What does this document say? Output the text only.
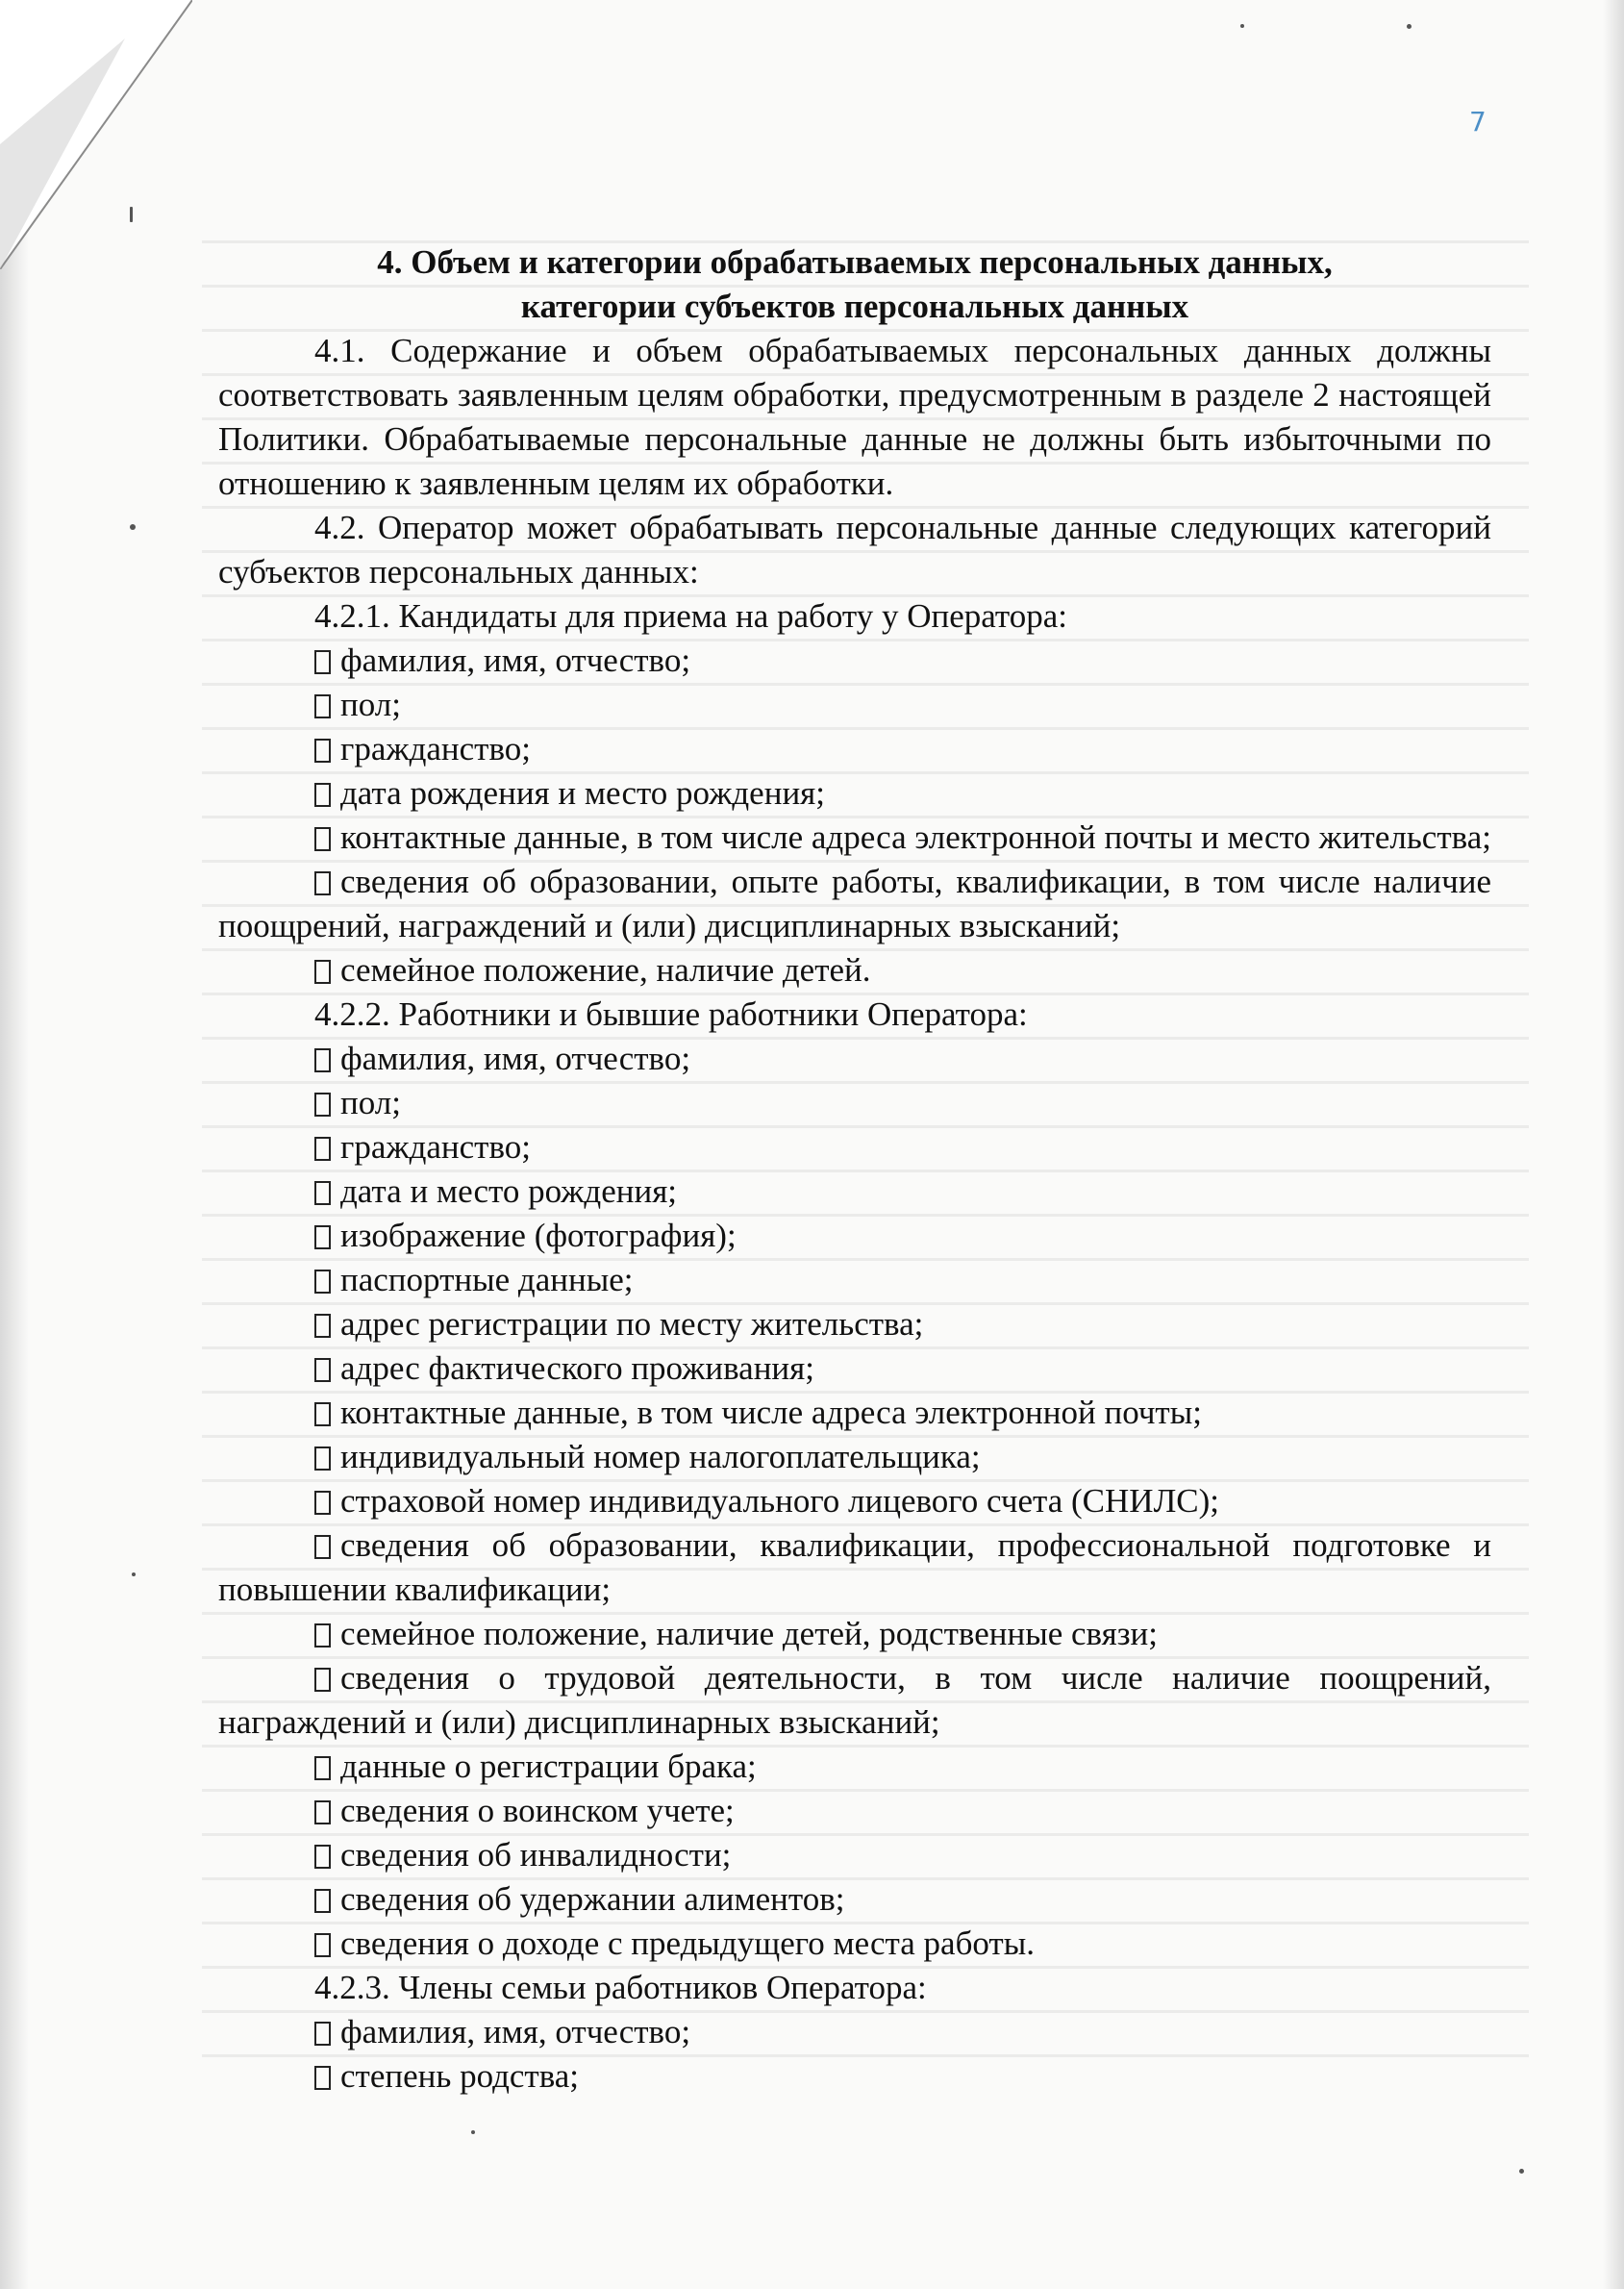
7

4. Объем и категории обрабатываемых персональных данных,

категории субъектов персональных данных

4.1. Содержание и объем обрабатываемых персональных данных должны соответствовать заявленным целям обработки, предусмотренным в разделе 2 настоящей Политики. Обрабатываемые персональные данные не должны быть избыточными по отношению к заявленным целям их обработки.

4.2. Оператор может обрабатывать персональные данные следующих категорий субъектов персональных данных:

4.2.1. Кандидаты для приема на работу у Оператора:

фамилия, имя, отчество;

пол;

гражданство;

дата рождения и место рождения;

контактные данные, в том числе адреса электронной почты и место жительства;

сведения об образовании, опыте работы, квалификации, в том числе наличие поощрений, награждений и (или) дисциплинарных взысканий;

семейное положение, наличие детей.

4.2.2. Работники и бывшие работники Оператора:

фамилия, имя, отчество;

пол;

гражданство;

дата и место рождения;

изображение (фотография);

паспортные данные;

адрес регистрации по месту жительства;

адрес фактического проживания;

контактные данные, в том числе адреса электронной почты;

индивидуальный номер налогоплательщика;

страховой номер индивидуального лицевого счета (СНИЛС);

сведения об образовании, квалификации, профессиональной подготовке и повышении квалификации;

семейное положение, наличие детей, родственные связи;

сведения о трудовой деятельности, в том числе наличие поощрений, награждений и (или) дисциплинарных взысканий;

данные о регистрации брака;

сведения о воинском учете;

сведения об инвалидности;

сведения об удержании алиментов;

сведения о доходе с предыдущего места работы.

4.2.3. Члены семьи работников Оператора:

фамилия, имя, отчество;

степень родства;
